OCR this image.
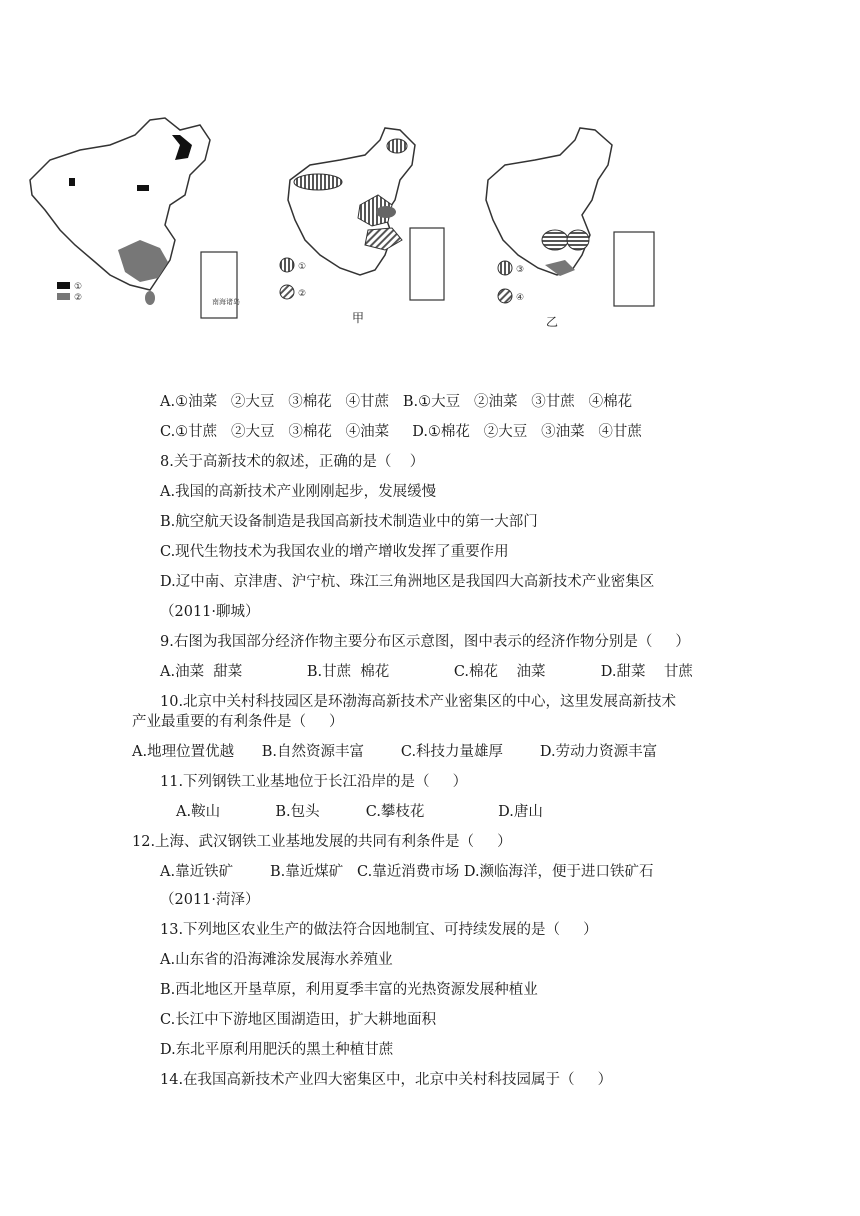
南海诸岛
①
②
①
②
甲
③
④
乙
A.①油菜   ②大豆   ③棉花   ④甘蔗   B.①大豆   ②油菜   ③甘蔗   ④棉花
C.①甘蔗   ②大豆   ③棉花   ④油菜     D.①棉花   ②大豆   ③油菜   ④甘蔗
8.关于高新技术的叙述，正确的是（    ）
A.我国的高新技术产业刚刚起步，发展缓慢
B.航空航天设备制造是我国高新技术制造业中的第一大部门
C.现代生物技术为我国农业的增产增收发挥了重要作用
D.辽中南、京津唐、沪宁杭、珠江三角洲地区是我国四大高新技术产业密集区
（2011·聊城）
9.右图为我国部分经济作物主要分布区示意图，图中表示的经济作物分别是（     ）
A.油菜  甜菜              B.甘蔗  棉花              C.棉花    油菜            D.甜菜    甘蔗
10.北京中关村科技园区是环渤海高新技术产业密集区的中心，这里发展高新技术
产业最重要的有利条件是（     ）
A.地理位置优越      B.自然资源丰富        C.科技力量雄厚        D.劳动力资源丰富
11.下列钢铁工业基地位于长江沿岸的是（     ）
A.鞍山            B.包头          C.攀枝花                D.唐山
12.上海、武汉钢铁工业基地发展的共同有利条件是（     ）
A.靠近铁矿        B.靠近煤矿   C.靠近消费市场 D.濒临海洋，便于进口铁矿石
（2011·菏泽）
13.下列地区农业生产的做法符合因地制宜、可持续发展的是（     ）
A.山东省的沿海滩涂发展海水养殖业
B.西北地区开垦草原，利用夏季丰富的光热资源发展种植业
C.长江中下游地区围湖造田，扩大耕地面积
D.东北平原利用肥沃的黑土种植甘蔗
14.在我国高新技术产业四大密集区中，北京中关村科技园属于（     ）
